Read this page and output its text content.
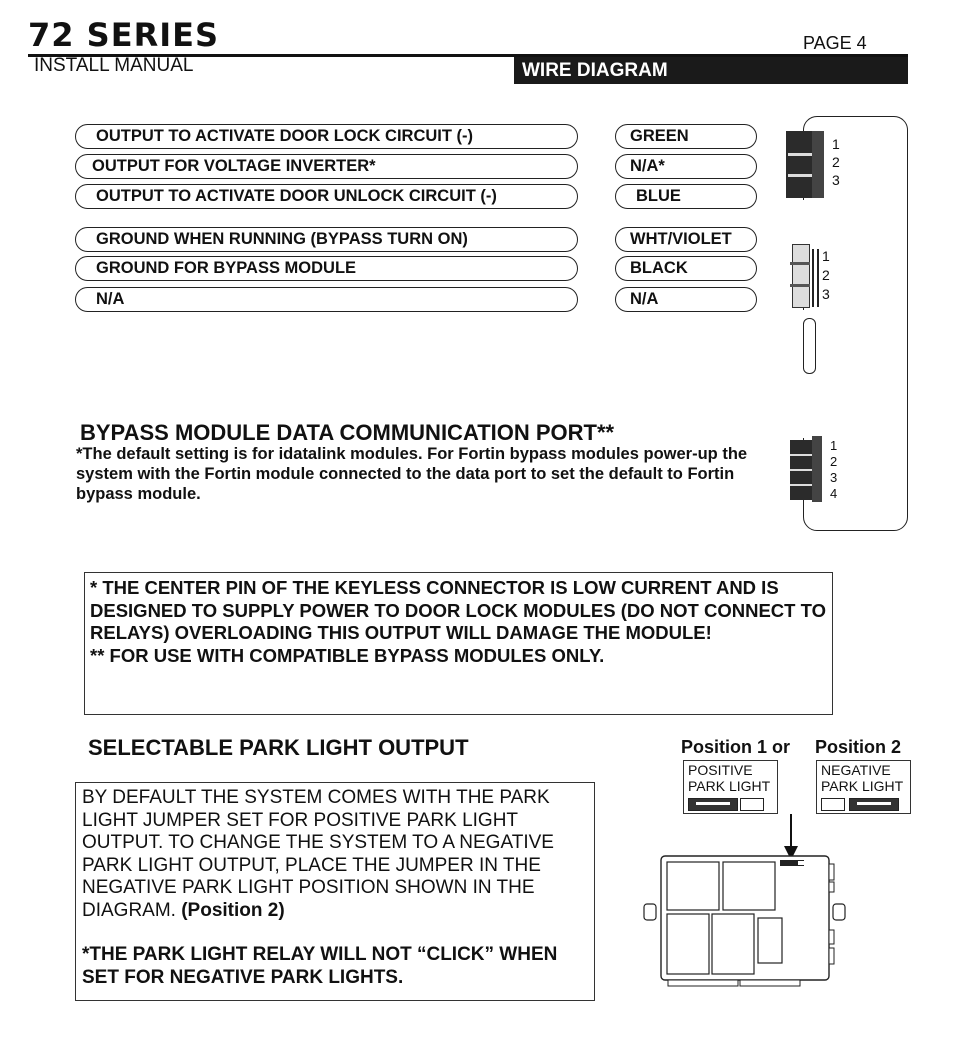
72 SERIES
INSTALL MANUAL
PAGE 4
WIRE DIAGRAM
OUTPUT TO ACTIVATE DOOR LOCK CIRCUIT (-)
OUTPUT FOR VOLTAGE INVERTER*
OUTPUT TO ACTIVATE DOOR UNLOCK CIRCUIT (-)
GROUND WHEN RUNNING (BYPASS TURN ON)
GROUND FOR BYPASS MODULE
N/A
GREEN
N/A*
BLUE
WHT/VIOLET
BLACK
N/A
1
2
3
1
2
3
1
2
3
4
BYPASS MODULE DATA COMMUNICATION PORT**
*The default setting is for idatalink modules. For Fortin bypass modules power-up the system with the Fortin module connected to the data port to set the default to Fortin bypass module.
* THE CENTER PIN OF THE KEYLESS CONNECTOR IS LOW CURRENT AND IS DESIGNED TO SUPPLY POWER TO DOOR LOCK MODULES (DO NOT CONNECT TO RELAYS) OVERLOADING THIS OUTPUT WILL DAMAGE THE MODULE!
** FOR USE WITH COMPATIBLE BYPASS MODULES ONLY.
SELECTABLE PARK LIGHT OUTPUT
BY DEFAULT THE SYSTEM COMES WITH THE PARK LIGHT JUMPER SET FOR POSITIVE PARK LIGHT OUTPUT. TO CHANGE THE SYSTEM TO A NEGATIVE PARK LIGHT OUTPUT, PLACE THE JUMPER IN THE NEGATIVE PARK LIGHT POSITION SHOWN IN THE DIAGRAM. (Position 2)
*THE PARK LIGHT RELAY WILL NOT “CLICK” WHEN SET FOR NEGATIVE PARK LIGHTS.
Position 1 or Position 2
POSITIVE
PARK LIGHT
NEGATIVE
PARK LIGHT
